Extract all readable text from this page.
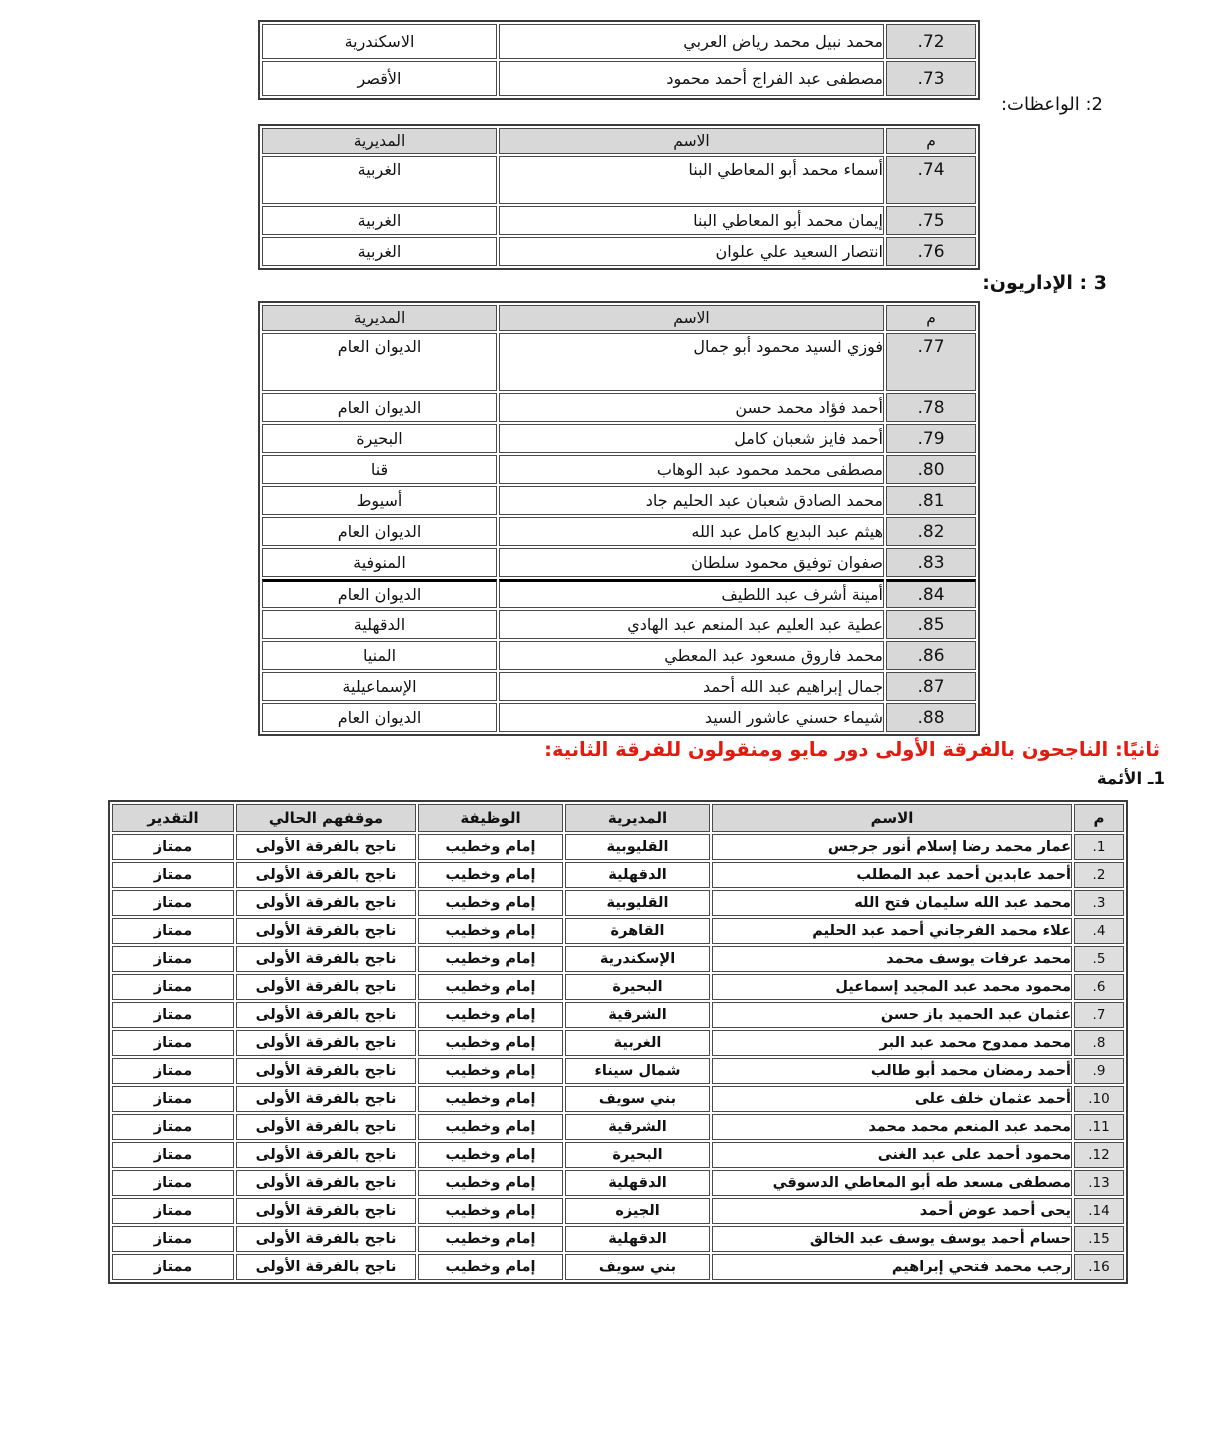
72.	محمد نبيل محمد رياض العربي	الاسكندرية
73.	مصطفى عبد الفراج أحمد محمود	الأقصر
2: الواعظات:
م	الاسم	المديرية
74.	أسماء محمد أبو المعاطي البنا	الغربية
75.	إيمان محمد أبو المعاطي البنا	الغربية
76.	انتصار السعيد علي علوان	الغربية
3 : الإداريون:
م	الاسم	المديرية
77.	فوزي السيد محمود أبو جمال	الديوان العام
78.	أحمد فؤاد محمد حسن	الديوان العام
79.	أحمد فايز شعبان كامل	البحيرة
80.	مصطفى محمد محمود عبد الوهاب	قنا
81.	محمد الصادق شعبان عبد الحليم جاد	أسيوط
82.	هيثم عبد البديع كامل عبد الله	الديوان العام
83.	صفوان توفيق محمود سلطان	المنوفية
84.	أمينة أشرف عبد اللطيف	الديوان العام
85.	عطية عبد العليم عبد المنعم عبد الهادي	الدقهلية
86.	محمد فاروق مسعود عبد المعطي	المنيا
87.	جمال إبراهيم عبد الله أحمد	الإسماعيلية
88.	شيماء حسني عاشور السيد	الديوان العام
ثانيًا: الناجحون بالفرقة الأولى دور مايو ومنقولون للفرقة الثانية:
1ـ الأئمة
م	الاسم	المديرية	الوظيفة	موقفهم الحالي	التقدير
1.	عمار محمد رضا إسلام أنور جرجس	القليوبية	إمام وخطيب	ناجح بالفرقة الأولى	ممتاز
2.	أحمد عابدين أحمد عبد المطلب	الدقهلية	إمام وخطيب	ناجح بالفرقة الأولى	ممتاز
3.	محمد عبد الله سليمان فتح الله	القليوبية	إمام وخطيب	ناجح بالفرقة الأولى	ممتاز
4.	علاء محمد الفرجاني أحمد عبد الحليم	القاهرة	إمام وخطيب	ناجح بالفرقة الأولى	ممتاز
5.	محمد عرفات يوسف محمد	الإسكندرية	إمام وخطيب	ناجح بالفرقة الأولى	ممتاز
6.	محمود محمد عبد المجيد إسماعيل	البحيرة	إمام وخطيب	ناجح بالفرقة الأولى	ممتاز
7.	عثمان عبد الحميد باز حسن	الشرقية	إمام وخطيب	ناجح بالفرقة الأولى	ممتاز
8.	محمد ممدوح محمد عبد البر	الغربية	إمام وخطيب	ناجح بالفرقة الأولى	ممتاز
9.	أحمد رمضان محمد أبو طالب	شمال سيناء	إمام وخطيب	ناجح بالفرقة الأولى	ممتاز
10.	أحمد عثمان خلف على	بني سويف	إمام وخطيب	ناجح بالفرقة الأولى	ممتاز
11.	محمد عبد المنعم محمد محمد	الشرقية	إمام وخطيب	ناجح بالفرقة الأولى	ممتاز
12.	محمود أحمد على عبد الغنى	البحيرة	إمام وخطيب	ناجح بالفرقة الأولى	ممتاز
13.	مصطفى مسعد طه أبو المعاطي الدسوقي	الدقهلية	إمام وخطيب	ناجح بالفرقة الأولى	ممتاز
14.	يحى أحمد عوض أحمد	الجيزه	إمام وخطيب	ناجح بالفرقة الأولى	ممتاز
15.	حسام أحمد يوسف يوسف عبد الخالق	الدقهلية	إمام وخطيب	ناجح بالفرقة الأولى	ممتاز
16.	رجب محمد فتحي إبراهيم	بني سويف	إمام وخطيب	ناجح بالفرقة الأولى	ممتاز
